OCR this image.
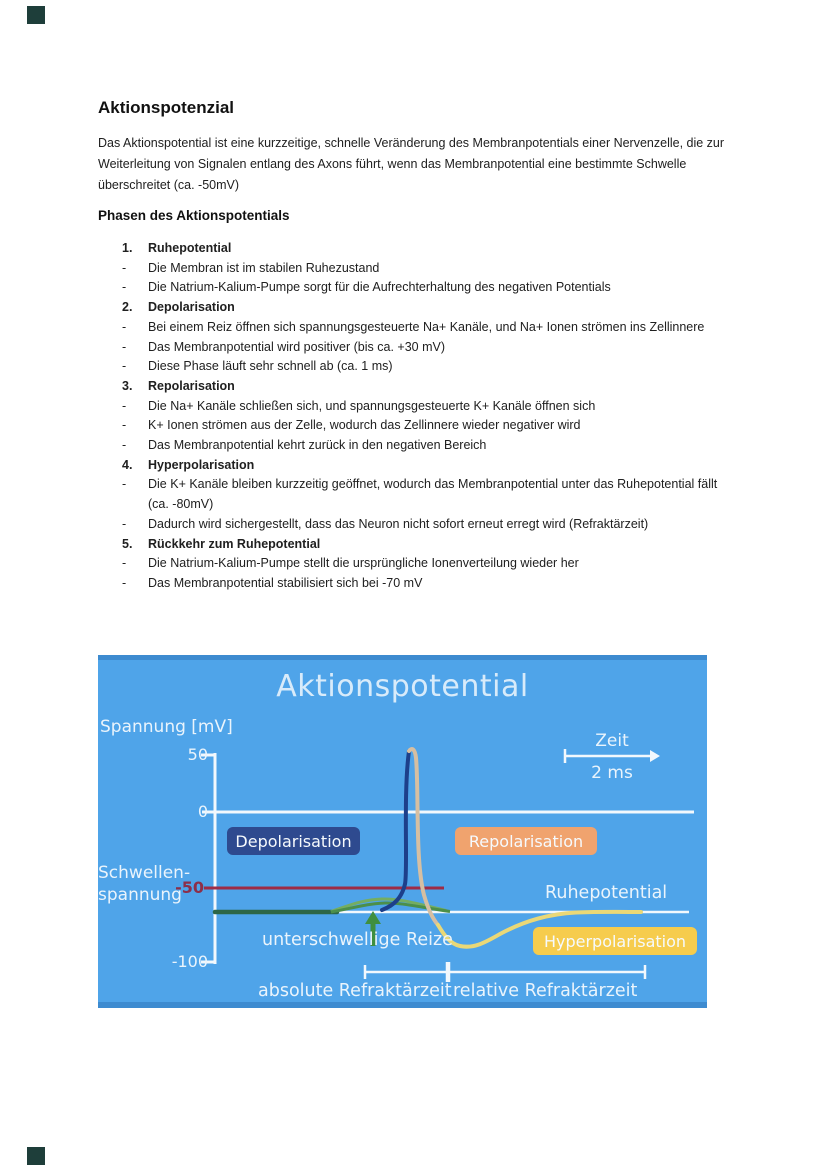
Aktionspotenzial

Das Aktionspotential ist eine kurzzeitige, schnelle Veränderung des Membranpotentials einer Nervenzelle, die zur Weiterleitung von Signalen entlang des Axons führt, wenn das Membranpotential eine bestimmte Schwelle überschreitet (ca. -50mV)

Phasen des Aktionspotentials
1.	Ruhepotential
-	Die Membran ist im stabilen Ruhezustand
-	Die Natrium-Kalium-Pumpe sorgt für die Aufrechterhaltung des negativen Potentials
2.	Depolarisation
-	Bei einem Reiz öffnen sich spannungsgesteuerte Na+ Kanäle, und Na+ Ionen strömen ins Zellinnere
-	Das Membranpotential wird positiver (bis ca. +30 mV)
-	Diese Phase läuft sehr schnell ab (ca. 1 ms)
3.	Repolarisation
-	Die Na+ Kanäle schließen sich, und spannungsgesteuerte K+ Kanäle öffnen sich
-	K+ Ionen strömen aus der Zelle, wodurch das Zellinnere wieder negativer wird
-	Das Membranpotential kehrt zurück in den negativen Bereich
4.	Hyperpolarisation
-	Die K+ Kanäle bleiben kurzzeitig geöffnet, wodurch das Membranpotential unter das Ruhepotential fällt (ca. -80mV)
-	Dadurch wird sichergestellt, dass das Neuron nicht sofort erneut erregt wird (Refraktärzeit)
5.	Rückkehr zum Ruhepotential
-	Die Natrium-Kalium-Pumpe stellt die ursprüngliche Ionenverteilung wieder her
-	Das Membranpotential stabilisiert sich bei -70 mV
Aktionspotential
Spannung [mV]
50
0
-50
-100
Schwellen-
spannung
Zeit
2 ms
Depolarisation	Repolarisation
Hyperpolarisation
Ruhepotential
unterschwellige Reize
absolute Refraktärzeit relative Refraktärzeit
